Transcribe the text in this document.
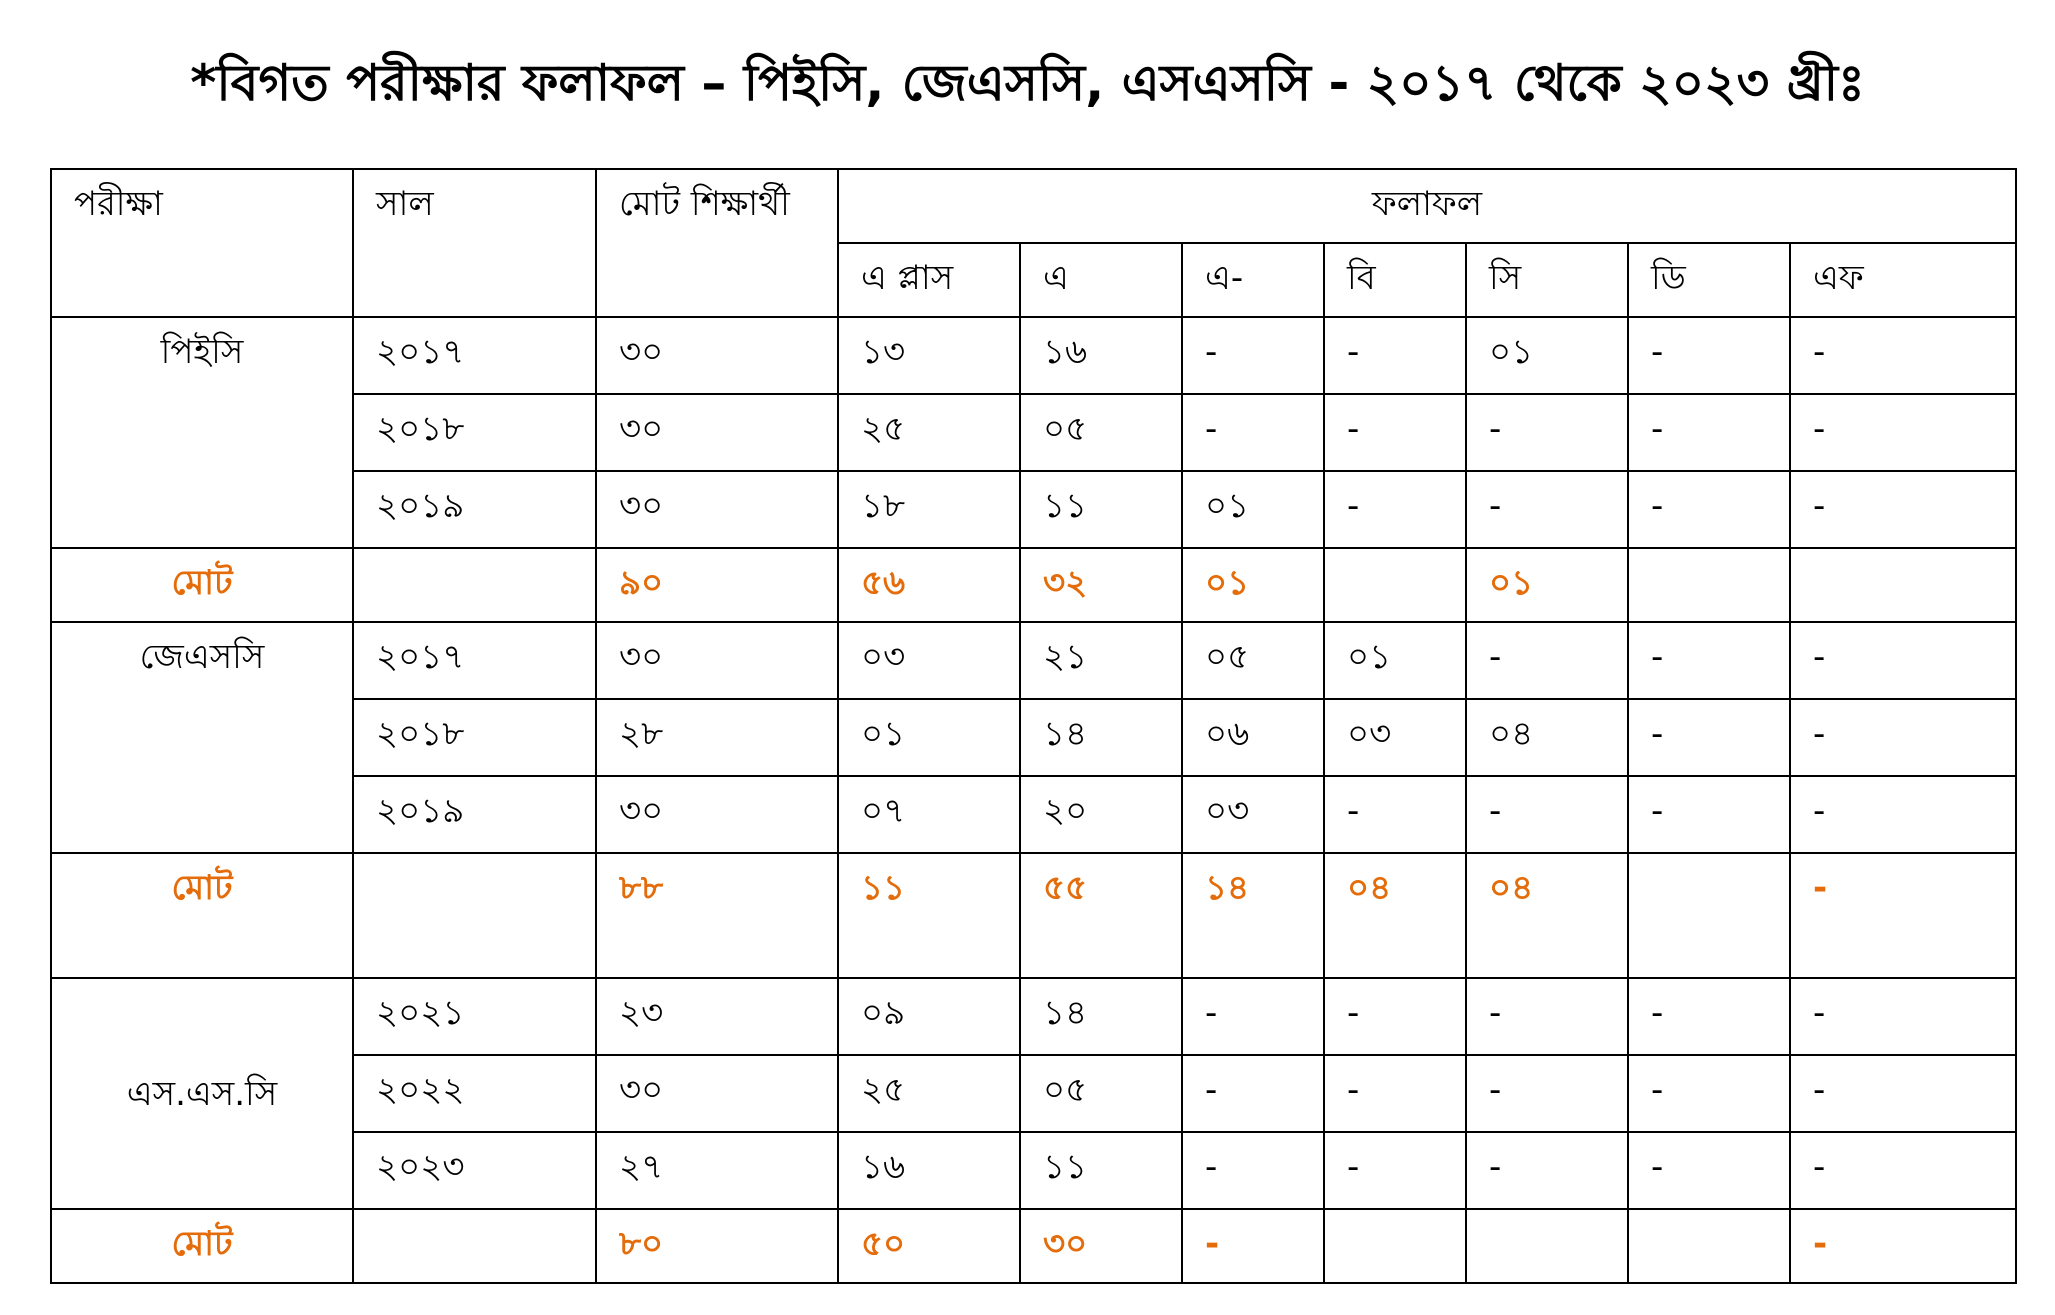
*বিগত পরীক্ষার ফলাফল – পিইসি, জেএসসি, এসএসসি - ২০১৭ থেকে ২০২৩ খ্রীঃ
পরীক্ষা	সাল	মোট শিক্ষার্থী	ফলাফল						
			এ প্লাস	এ	এ-	বি	সি	ডি	এফ
পিইসি	২০১৭	৩০	১৩	১৬	-	-	০১	-	-
	২০১৮	৩০	২৫	০৫	-	-	-	-	-
	২০১৯	৩০	১৮	১১	০১	-	-	-	-
মোট		৯০	৫৬	৩২	০১		০১		
জেএসসি	২০১৭	৩০	০৩	২১	০৫	০১	-	-	-
	২০১৮	২৮	০১	১৪	০৬	০৩	০৪	-	-
	২০১৯	৩০	০৭	২০	০৩	-	-	-	-
মোট		৮৮	১১	৫৫	১৪	০৪	০৪		-
এস.এস.সি	২০২১	২৩	০৯	১৪	-	-	-	-	-
	২০২২	৩০	২৫	০৫	-	-	-	-	-
	২০২৩	২৭	১৬	১১	-	-	-	-	-
মোট		৮০	৫০	৩০	-				-
